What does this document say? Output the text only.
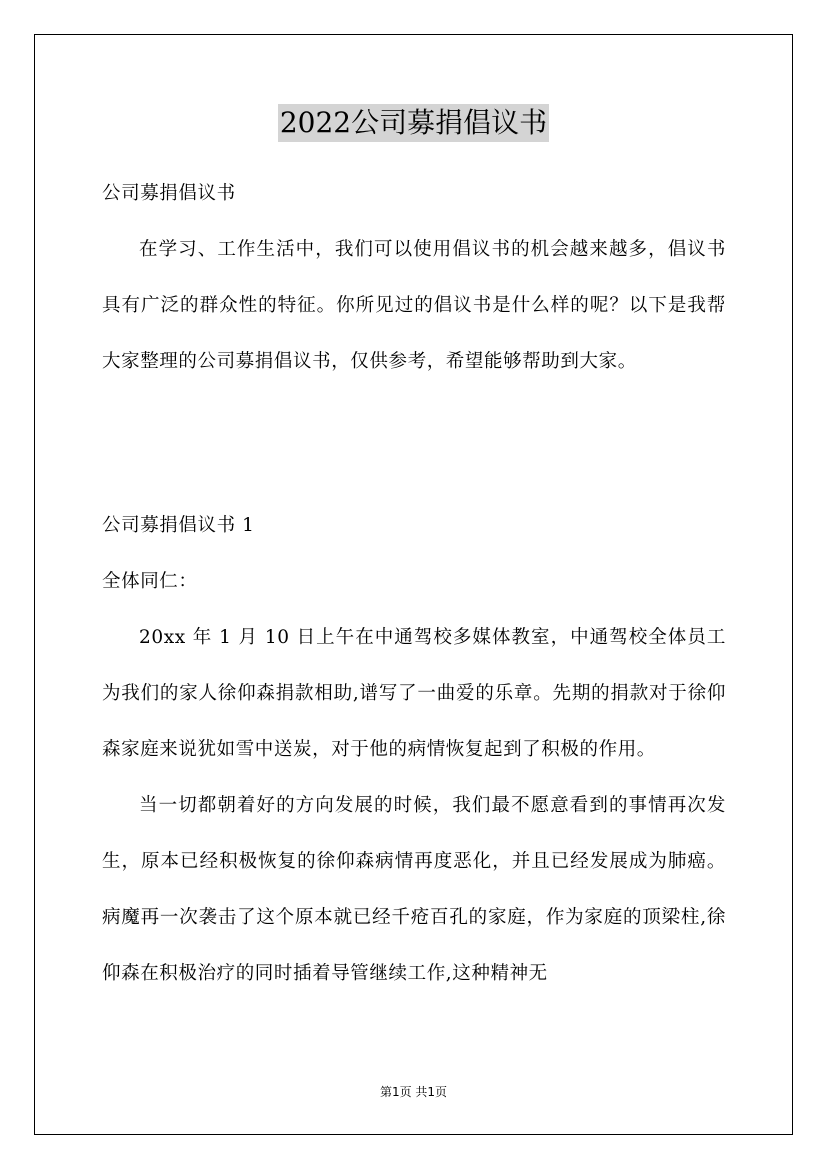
2022公司募捐倡议书

公司募捐倡议书

在学习、工作生活中，我们可以使用倡议书的机会越来越多，倡议书具有广泛的群众性的特征。你所见过的倡议书是什么样的呢？以下是我帮大家整理的公司募捐倡议书，仅供参考，希望能够帮助到大家。

公司募捐倡议书 1

全体同仁：

20xx 年 1 月 10 日上午在中通驾校多媒体教室，中通驾校全体员工为我们的家人徐仰森捐款相助,谱写了一曲爱的乐章。先期的捐款对于徐仰森家庭来说犹如雪中送炭，对于他的病情恢复起到了积极的作用。

当一切都朝着好的方向发展的时候，我们最不愿意看到的事情再次发生，原本已经积极恢复的徐仰森病情再度恶化，并且已经发展成为肺癌。病魔再一次袭击了这个原本就已经千疮百孔的家庭，作为家庭的顶梁柱,徐仰森在积极治疗的同时插着导管继续工作,这种精神无

第1页 共1页
